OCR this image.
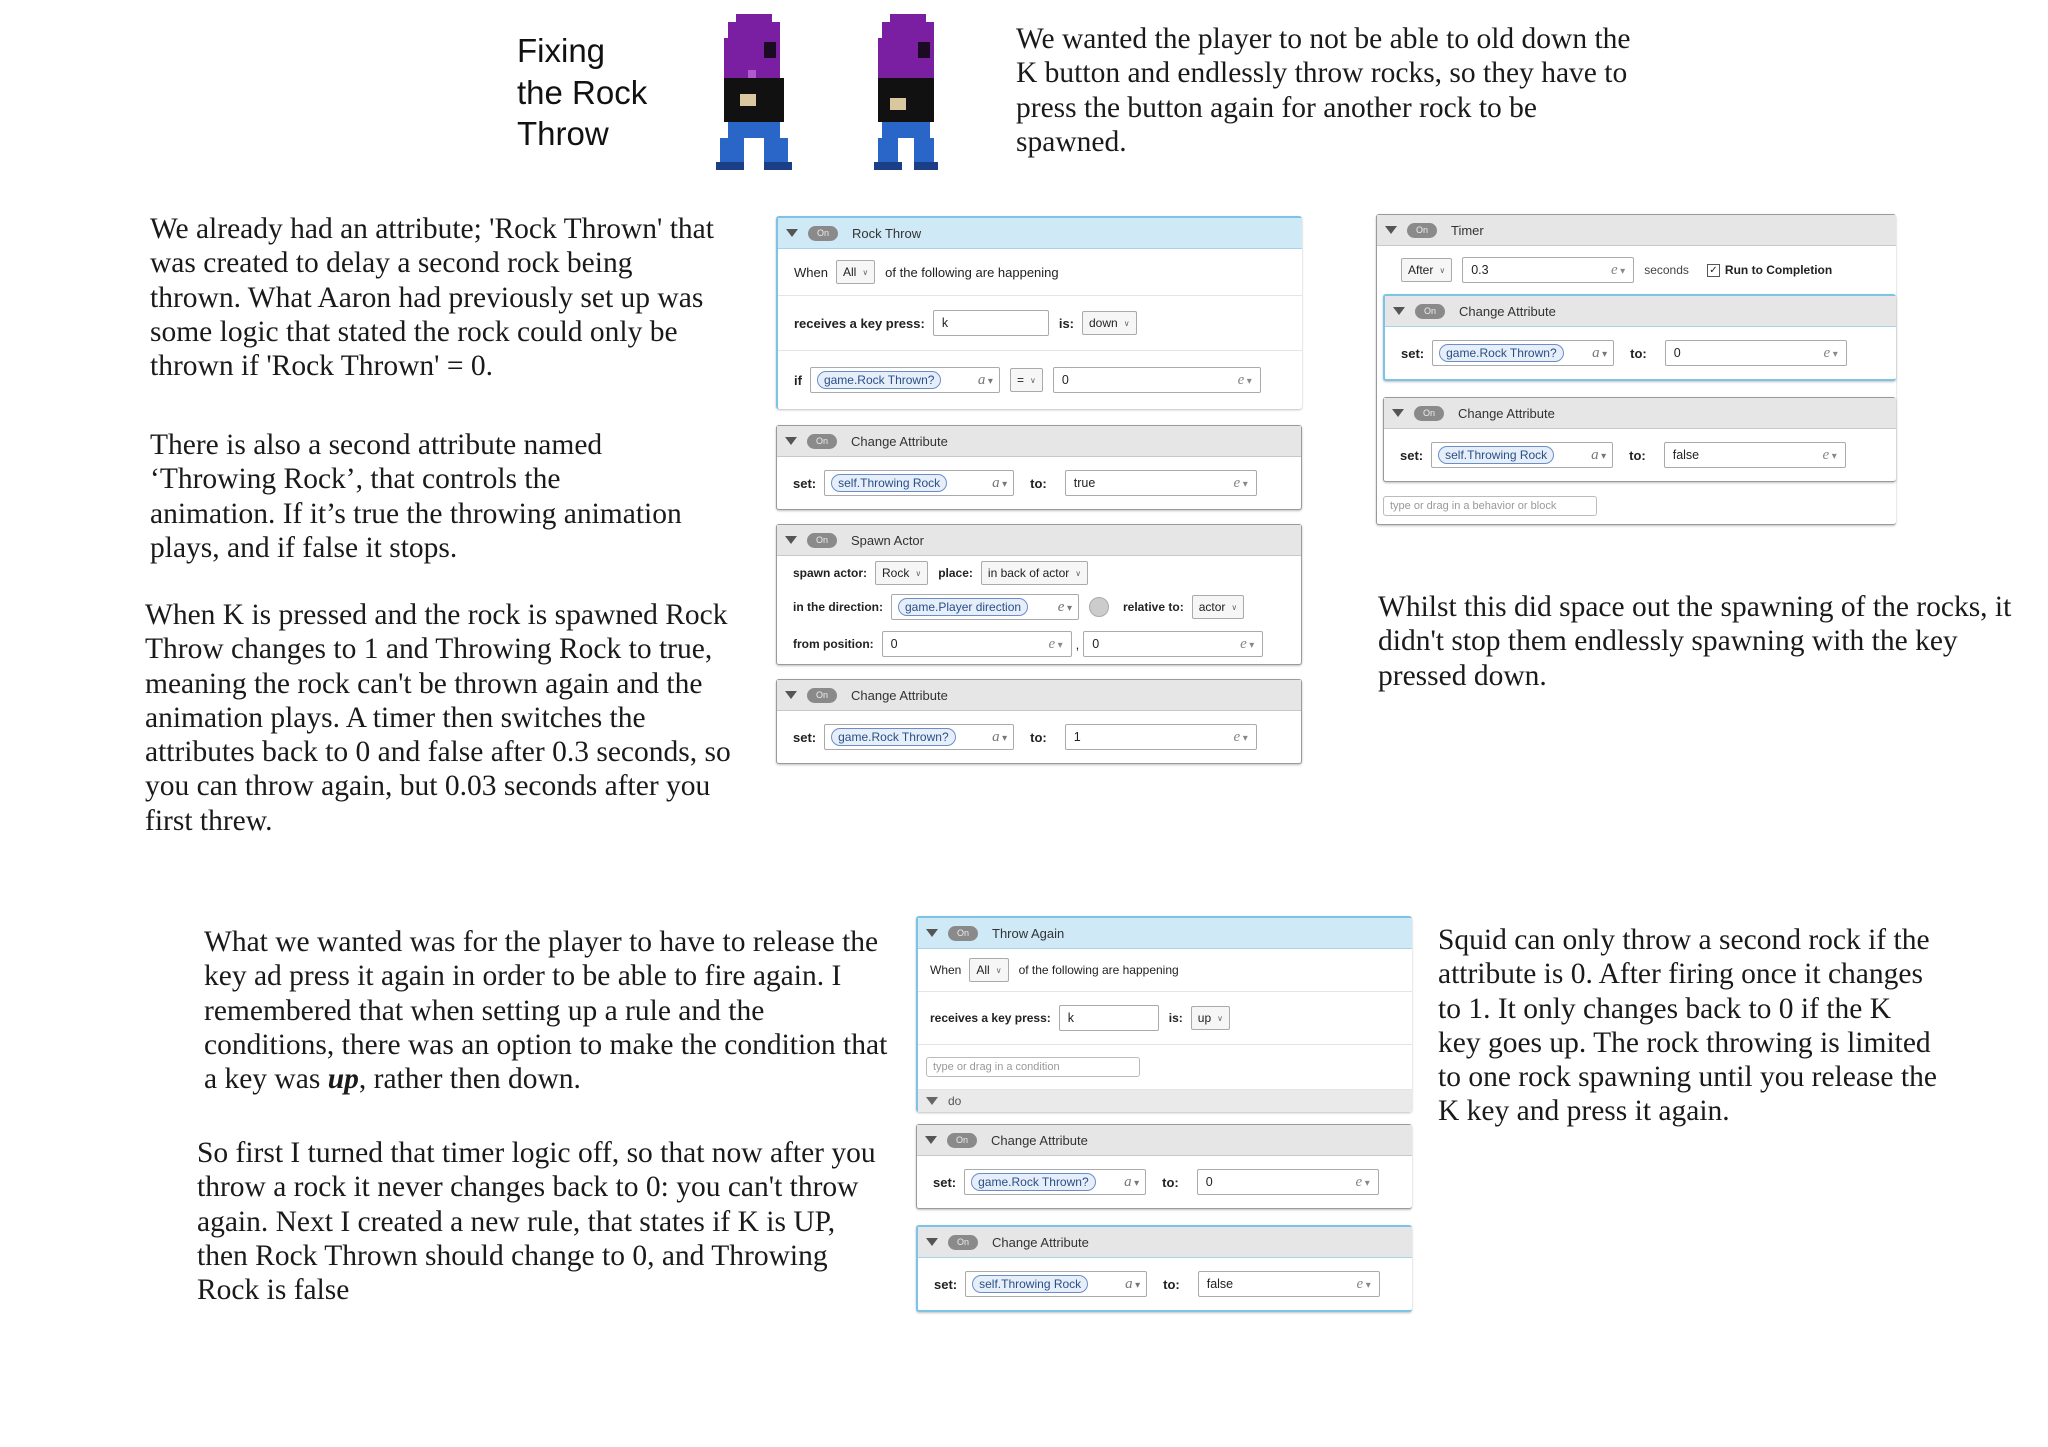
Fixing
the Rock
Throw

We wanted the player to not be able to old down the K button and endlessly throw rocks, so they have to press the button again for another rock to be spawned.

We already had an attribute; 'Rock Thrown' that was created to delay a second rock being thrown. What Aaron had previously set up was some logic that stated the rock could only be thrown if 'Rock Thrown' = 0.

There is also a second attribute named ‘Throwing Rock’, that controls the animation. If it’s true the throwing animation plays, and if false it stops.

When K is pressed and the rock is spawned Rock Throw changes to 1 and Throwing Rock to true, meaning the rock can't be thrown again and the animation plays. A timer then switches the attributes back to 0 and false after 0.3 seconds, so you can throw again, but 0.03 seconds after you first threw.

Whilst this did space out the spawning of the rocks, it didn't stop them endlessly spawning with the key pressed down.

What we wanted was for the player to have to release the key ad press it again in order to be able to fire again. I remembered that when setting up a rule and the conditions, there was an option to make the condition that a key was up, rather then down.

So first I turned that timer logic off, so that now after you throw a rock it never changes back to 0: you can't throw again. Next I created a new rule, that states if K is UP, then Rock Thrown should change to 0, and Throwing Rock is false

Squid can only throw a second rock if the attribute is 0. After firing once it changes to 1. It only changes back to 0 if the K key goes up. The rock throwing is limited to one rock spawning until you release the K key and press it again.

On	Rock Throw
When	All ∨	of the following are happening
receives a key press: k	is:	down ∨
if	game.Rock Thrown?	a ▾	= ∨	0	e ▾
On	Change Attribute
set:	self.Throwing Rock	a ▾	to: true	e ▾
On	Spawn Actor
spawn actor:	Rock ∨	place:	in back of actor ∨
in the direction:	game.Player direction	e ▾	relative to:	actor ∨
from position: 0	e ▾	, 0	e ▾
On	Change Attribute
set:	game.Rock Thrown?	a ▾	to: 1	e ▾
On	Timer
After ∨	0.3	e ▾	seconds ✓ Run to Completion
On	Change Attribute
set:	game.Rock Thrown?	a ▾	to: 0	e ▾
On	Change Attribute
set:	self.Throwing Rock	a ▾	to: false	e ▾
type or drag in a behavior or block
On	Throw Again
When	All ∨	of the following are happening
receives a key press: k	is:	up ∨
type or drag in a condition
do
On	Change Attribute
set:	game.Rock Thrown?	a ▾	to: 0	e ▾
On	Change Attribute
set:	self.Throwing Rock	a ▾	to: false	e ▾
